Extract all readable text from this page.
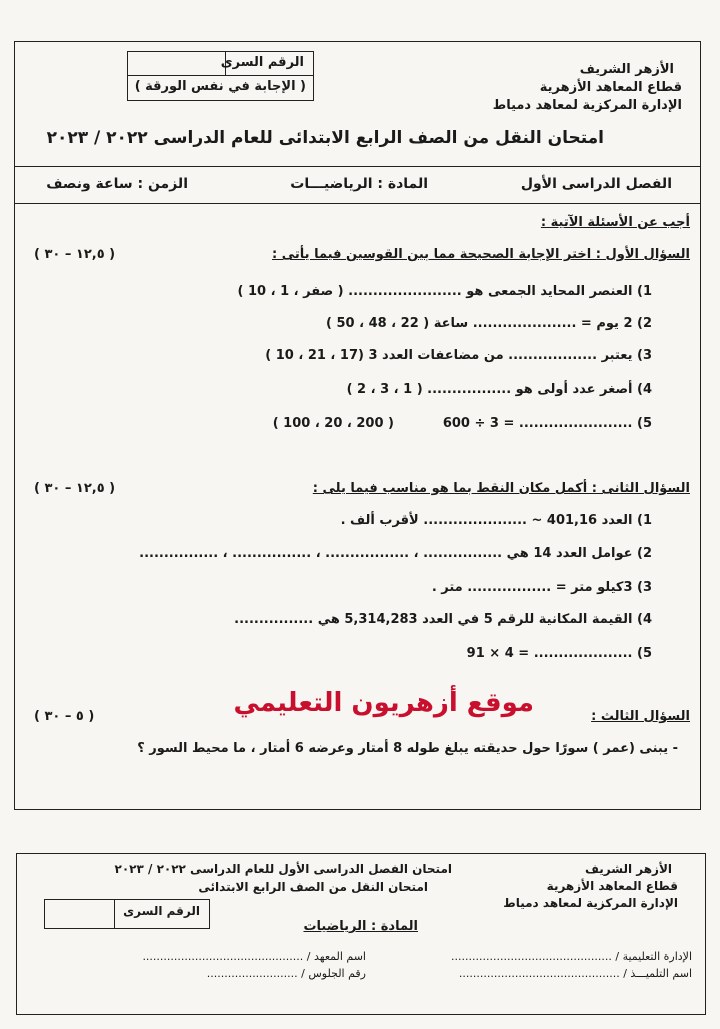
الأزهر الشريف
قطاع المعاهد الأزهرية
الإدارة المركزية لمعاهد دمياط
الرقم السرى
( الإجابة في نفس الورقة )
امتحان النقل من الصف الرابع الابتدائى للعام الدراسى ٢٠٢٢ / ٢٠٢٣
الفصل الدراسى الأول
المادة : الرياضيـــات
الزمن : ساعة ونصف
أجب عن الأسئلة الآتية :
السؤال الأول : اختر الإجابة الصحيحة مما بين القوسين فيما يأتى :
( ١٢,٥ – ٣٠ )
1) العنصر المحايد الجمعى هو ....................... ( صفر ، 1 ، 10 )
2) 2 يوم = ..................... ساعة ( 22 ، 48 ، 50 )
3) يعتبر .................. من مضاعفات العدد 3 (17 ، 21 ، 10 )
4) أصغر عدد أولى هو ................. ( 1 ، 3 ، 2 )
5) ....................... = 3 ÷ 600
( 200 ، 20 ، 100 )
السؤال الثانى : أكمل مكان النقط بما هو مناسب فيما يلى :
( ١٢,٥ – ٣٠ )
1) العدد 401,16 ~ ..................... لأقرب ألف .
2) عوامل العدد 14 هي ................ ، ................. ، ................ ، ................
3) 3كيلو متر = ................. متر .
4) القيمة المكانية للرقم 5 في العدد 5,314,283 هي ................
5) .................... = 4 × 91
موقع أزهريون التعليمي	السؤال الثالث :
( ٥ – ٣٠ )
- يبنى (عمر ) سورًا حول حديقته يبلغ طوله 8 أمتار وعرضه 6 أمتار ، ما محيط السور ؟
الأزهر الشريف
قطاع المعاهد الأزهرية
الإدارة المركزية لمعاهد دمياط
امتحان الفصل الدراسى الأول للعام الدراسى ٢٠٢٢ / ٢٠٢٣
امتحان النقل من الصف الرابع الابتدائى
الرقم السرى
المادة : الرياضيات
الإدارة التعليمية / ..............................................
اسم المعهد / ..............................................
اسم التلميـــذ / ..............................................
رقم الجلوس / ..........................
